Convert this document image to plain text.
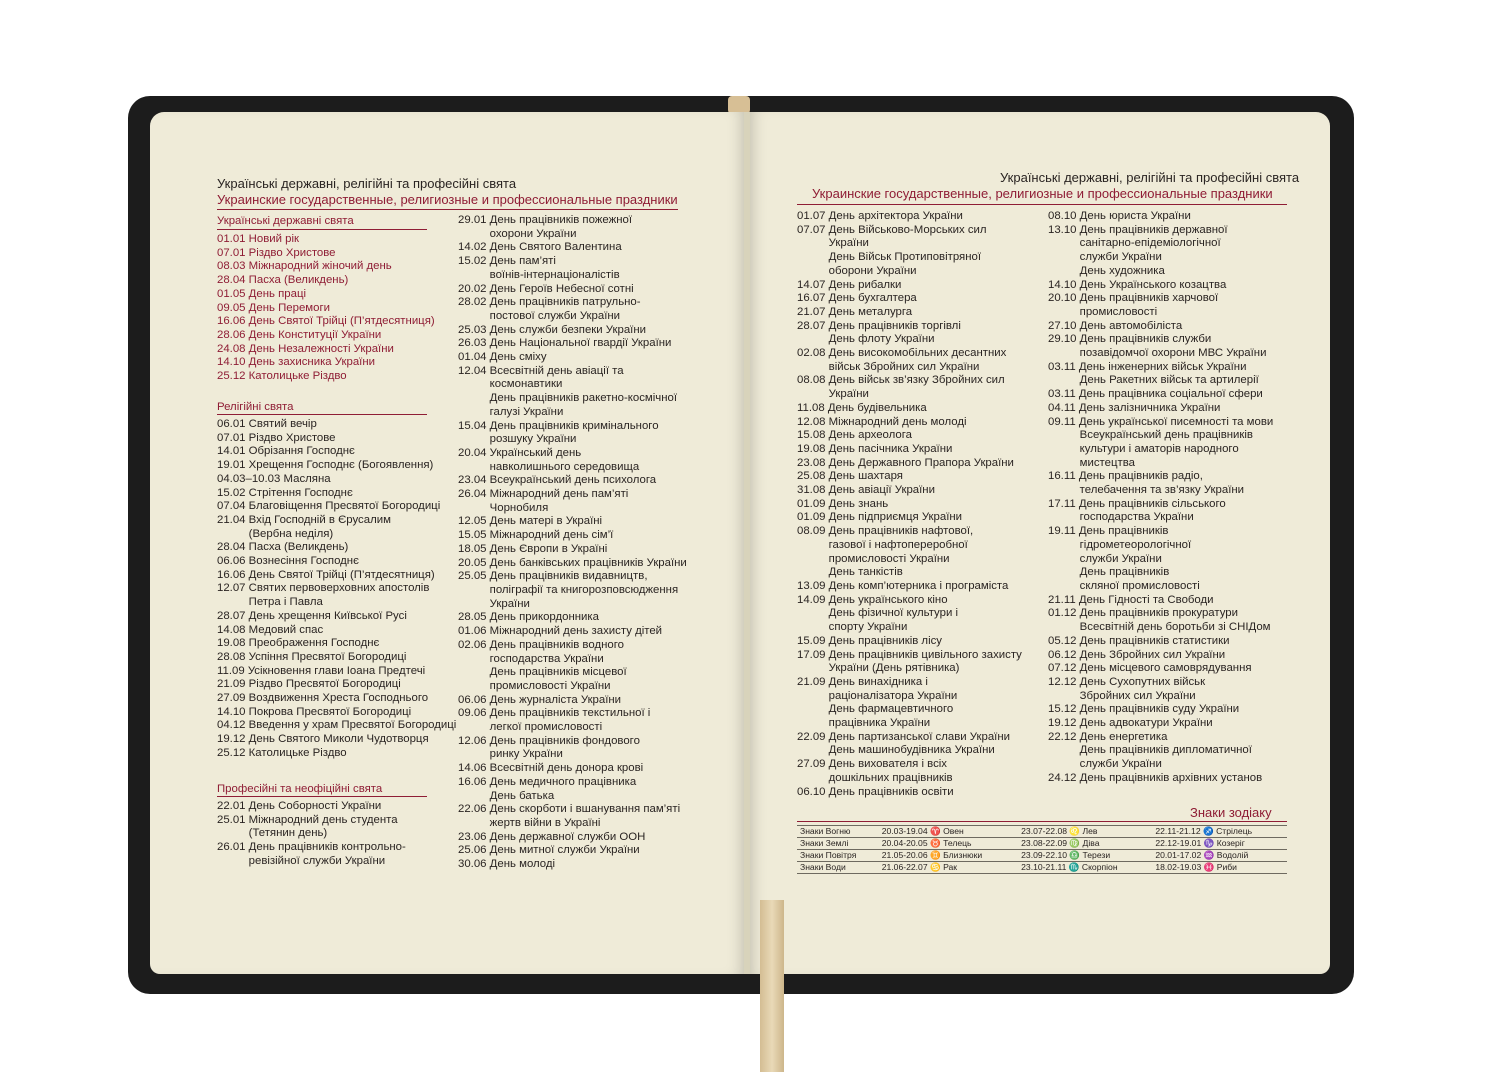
Українські державні, релігійні та професійні свята
Украинские государственные, религиозные и профессиональные праздники
Українські державні свята
01.01 Новий рік
07.01 Різдво Христове
08.03 Міжнародний жіночий день
28.04 Пасха (Великдень)
01.05 День праці
09.05 День Перемоги
16.06 День Святої Трійці (П’ятдесятниця)
28.06 День Конституції України
24.08 День Незалежності України
14.10 День захисника України
25.12 Католицьке Різдво
Релігійні свята
06.01 Святий вечір
07.01 Різдво Христове
14.01 Обрізання Господнє
19.01 Хрещення Господнє (Богоявлення)
04.03–10.03 Масляна
15.02 Стрітення Господнє
07.04 Благовіщення Пресвятої Богородиці
21.04 Вхід Господній в Єрусалим
(Вербна неділя)
28.04 Пасха (Великдень)
06.06 Вознесіння Господнє
16.06 День Святої Трійці (П’ятдесятниця)
12.07 Святих первоверховних апостолів
Петра і Павла
28.07 День хрещення Київської Русі
14.08 Медовий спас
19.08 Преображення Господнє
28.08 Успіння Пресвятої Богородиці
11.09 Усікновення глави Іоана Предтечі
21.09 Різдво Пресвятої Богородиці
27.09 Воздвиження Хреста Господнього
14.10 Покрова Пресвятої Богородиці
04.12 Введення у храм Пресвятої Богородиці
19.12 День Святого Миколи Чудотворця
25.12 Католицьке Різдво
Професійні та неофіційні свята
22.01 День Соборності України
25.01 Міжнародний день студента
(Тетянин день)
26.01 День працівників контрольно-
ревізійної служби України
29.01 День працівників пожежної
охорони України
14.02 День Святого Валентина
15.02 День пам’яті
воїнів-інтернаціоналістів
20.02 День Героїв Небесної сотні
28.02 День працівників патрульно-
постової служби України
25.03 День служби безпеки України
26.03 День Національної гвардії України
01.04 День сміху
12.04 Всесвітній день авіації та
космонавтики
День працівників ракетно-космічної
галузі України
15.04 День працівників кримінального
розшуку України
20.04 Український день
навколишнього середовища
23.04 Всеукраїнський день психолога
26.04 Міжнародний день пам’яті
Чорнобиля
12.05 День матері в Україні
15.05 Міжнародний день сім’ї
18.05 День Європи в Україні
20.05 День банківських працівників України
25.05 День працівників видавництв,
поліграфії та книгорозповсюдження
України
28.05 День прикордонника
01.06 Міжнародний день захисту дітей
02.06 День працівників водного
господарства України
День працівників місцевої
промисловості України
06.06 День журналіста України
09.06 День працівників текстильної і
легкої промисловості
12.06 День працівників фондового
ринку України
14.06 Всесвітній день донора крові
16.06 День медичного працівника
День батька
22.06 День скорботи і вшанування пам’яті
жертв війни в Україні
23.06 День державної служби ООН
25.06 День митної служби України
30.06 День молоді
Українські державні, релігійні та професійні свята
Украинские государственные, религиозные и профессиональные праздники
01.07 День архітектора України
07.07 День Військово-Морських сил
України
День Військ Протиповітряної
оборони України
14.07 День рибалки
16.07 День бухгалтера
21.07 День металурга
28.07 День працівників торгівлі
День флоту України
02.08 День високомобільних десантних
військ Збройних сил України
08.08 День військ зв’язку Збройних сил
України
11.08 День будівельника
12.08 Міжнародний день молоді
15.08 День археолога
19.08 День пасічника України
23.08 День Державного Прапора України
25.08 День шахтаря
31.08 День авіації України
01.09 День знань
01.09 День підприємця України
08.09 День працівників нафтової,
газової і нафтопереробної
промисловості України
День танкістів
13.09 День комп’ютерника і програміста
14.09 День українського кіно
День фізичної культури і
спорту України
15.09 День працівників лісу
17.09 День працівників цивільного захисту
України (День рятівника)
21.09 День винахідника і
раціоналізатора України
День фармацевтичного
працівника України
22.09 День партизанської слави України
День машинобудівника України
27.09 День вихователя і всіх
дошкільних працівників
06.10 День працівників освіти
08.10 День юриста України
13.10 День працівників державної
санітарно-епідеміологічної
служби України
День художника
14.10 День Українського козацтва
20.10 День працівників харчової
промисловості
27.10 День автомобіліста
29.10 День працівників служби
позавідомчої охорони МВС України
03.11 День інженерних військ України
День Ракетних військ та артилерії
03.11 День працівника соціальної сфери
04.11 День залізничника України
09.11 День української писемності та мови
Всеукраїнський день працівників
культури і аматорів народного
мистецтва
16.11 День працівників радіо,
телебачення та зв’язку України
17.11 День працівників сільського
господарства України
19.11 День працівників
гідрометеорологічної
служби України
День працівників
скляної промисловості
21.11 День Гідності та Свободи
01.12 День працівників прокуратури
Всесвітній день боротьби зі СНІДом
05.12 День працівників статистики
06.12 День Збройних сил України
07.12 День місцевого самоврядування
12.12 День Сухопутних військ
Збройних сил України
15.12 День працівників суду України
19.12 День адвокатури України
22.12 День енергетика
День працівників дипломатичної
служби України
24.12 День працівників архівних установ
Знаки зодіаку
Знаки Вогню	20.03-19.04 ♈ Овен	23.07-22.08 ♌ Лев	22.11-21.12 ♐ Стрілець
Знаки Землі	20.04-20.05 ♉ Телець	23.08-22.09 ♍ Діва	22.12-19.01 ♑ Козеріг
Знаки Повітря	21.05-20.06 ♊ Близнюки	23.09-22.10 ♎ Терези	20.01-17.02 ♒ Водолій
Знаки Води	21.06-22.07 ♋ Рак	23.10-21.11 ♏ Скорпіон	18.02-19.03 ♓ Риби
